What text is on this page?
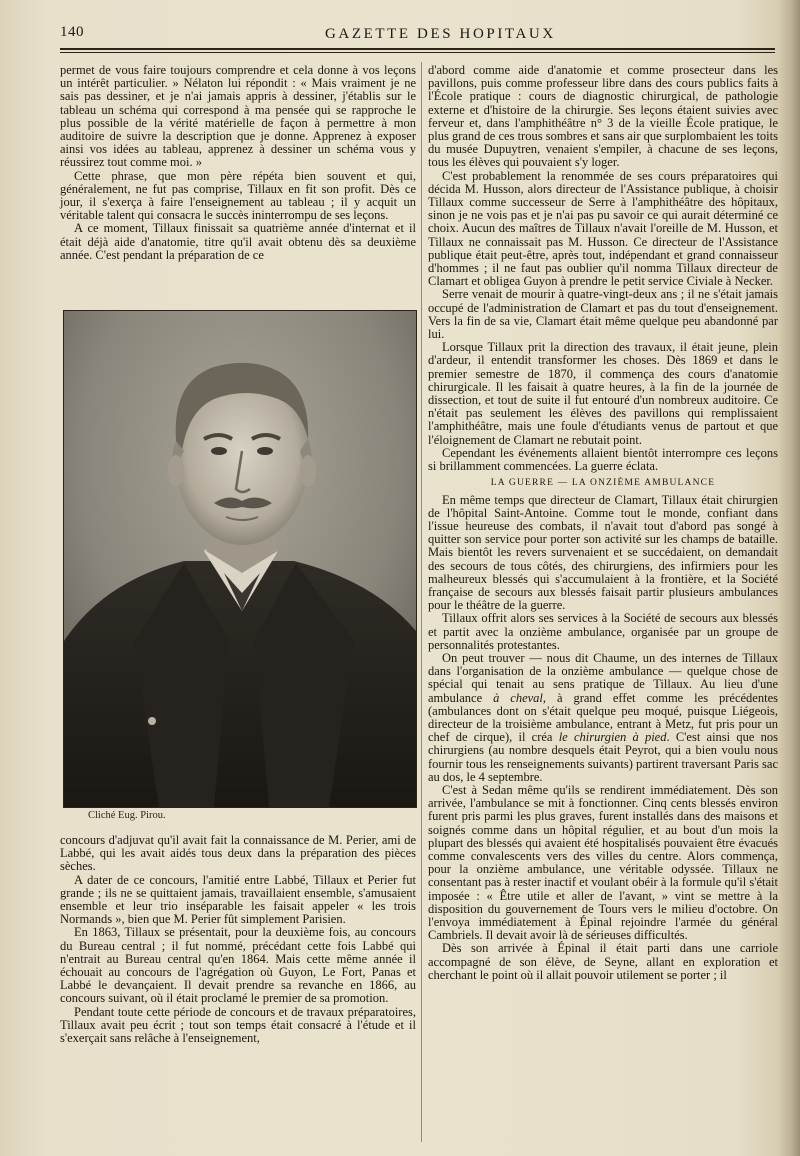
140	GAZETTE DES HOPITAUX

permet de vous faire toujours comprendre et cela donne à vos leçons un intérêt particulier. » Nélaton lui répondit : « Mais vraiment je ne sais pas dessiner, et je n'ai jamais appris à dessiner, j'établis sur le tableau un schéma qui correspond à ma pensée qui se rapproche le plus possible de la vérité matérielle de façon à permettre à mon auditoire de suivre la description que je donne. Apprenez à exposer ainsi vos idées au tableau, apprenez à dessiner un schéma vous y réussirez tout comme moi. »

Cette phrase, que mon père répéta bien souvent et qui, généralement, ne fut pas comprise, Tillaux en fit son profit. Dès ce jour, il s'exerça à faire l'enseignement au tableau ; il y acquit un véritable talent qui consacra le succès ininterrompu de ses leçons.

A ce moment, Tillaux finissait sa quatrième année d'internat et il était déjà aide d'anatomie, titre qu'il avait obtenu dès sa deuxième année. C'est pendant la préparation de ce

Cliché Eug. Pirou.

concours d'adjuvat qu'il avait fait la connaissance de M. Perier, ami de Labbé, qui les avait aidés tous deux dans la préparation des pièces sèches.

A dater de ce concours, l'amitié entre Labbé, Tillaux et Perier fut grande ; ils ne se quittaient jamais, travaillaient ensemble, s'amusaient ensemble et leur trio inséparable les faisait appeler « les trois Normands », bien que M. Perier fût simplement Parisien.

En 1863, Tillaux se présentait, pour la deuxième fois, au concours du Bureau central ; il fut nommé, précédant cette fois Labbé qui n'entrait au Bureau central qu'en 1864. Mais cette même année il échouait au concours de l'agrégation où Guyon, Le Fort, Panas et Labbé le devançaient. Il devait prendre sa revanche en 1866, au concours suivant, où il était proclamé le premier de sa promotion.

Pendant toute cette période de concours et de travaux préparatoires, Tillaux avait peu écrit ; tout son temps était consacré à l'étude et il s'exerçait sans relâche à l'enseignement,

d'abord comme aide d'anatomie et comme prosecteur dans les pavillons, puis comme professeur libre dans des cours publics faits à l'École pratique : cours de diagnostic chirurgical, de pathologie externe et d'histoire de la chirurgie. Ses leçons étaient suivies avec ferveur et, dans l'amphithéâtre n° 3 de la vieille École pratique, le plus grand de ces trous sombres et sans air que surplombaient les toits du musée Dupuytren, venaient s'empiler, à chacune de ses leçons, tous les élèves qui pouvaient s'y loger.

C'est probablement la renommée de ses cours préparatoires qui décida M. Husson, alors directeur de l'Assistance publique, à choisir Tillaux comme successeur de Serre à l'amphithéâtre des hôpitaux, sinon je ne vois pas et je n'ai pas pu savoir ce qui aurait déterminé ce choix. Aucun des maîtres de Tillaux n'avait l'oreille de M. Husson, et Tillaux ne connaissait pas M. Husson. Ce directeur de l'Assistance publique était peut-être, après tout, indépendant et grand connaisseur d'hommes ; il ne faut pas oublier qu'il nomma Tillaux directeur de Clamart et obligea Guyon à prendre le petit service Civiale à Necker.

Serre venait de mourir à quatre-vingt-deux ans ; il ne s'était jamais occupé de l'administration de Clamart et pas du tout d'enseignement. Vers la fin de sa vie, Clamart était même quelque peu abandonné par lui.

Lorsque Tillaux prit la direction des travaux, il était jeune, plein d'ardeur, il entendit transformer les choses. Dès 1869 et dans le premier semestre de 1870, il commença des cours d'anatomie chirurgicale. Il les faisait à quatre heures, à la fin de la journée de dissection, et tout de suite il fut entouré d'un nombreux auditoire. Ce n'était pas seulement les élèves des pavillons qui remplissaient l'amphithéâtre, mais une foule d'étudiants venus de partout et que l'éloignement de Clamart ne rebutait point.

Cependant les événements allaient bientôt interrompre ces leçons si brillamment commencées. La guerre éclata.

LA GUERRE — LA ONZIÈME AMBULANCE

En même temps que directeur de Clamart, Tillaux était chirurgien de l'hôpital Saint-Antoine. Comme tout le monde, confiant dans l'issue heureuse des combats, il n'avait tout d'abord pas songé à quitter son service pour porter son activité sur les champs de bataille. Mais bientôt les revers survenaient et se succédaient, on demandait des secours de tous côtés, des chirurgiens, des infirmiers pour les malheureux blessés qui s'accumulaient à la frontière, et la Société française de secours aux blessés faisait partir plusieurs ambulances pour le théâtre de la guerre.

Tillaux offrit alors ses services à la Société de secours aux blessés et partit avec la onzième ambulance, organisée par un groupe de personnalités protestantes.

On peut trouver — nous dit Chaume, un des internes de Tillaux dans l'organisation de la onzième ambulance — quelque chose de spécial qui tenait au sens pratique de Tillaux. Au lieu d'une ambulance à cheval, à grand effet comme les précédentes (ambulances dont on s'était quelque peu moqué, puisque Liégeois, directeur de la troisième ambulance, entrant à Metz, fut pris pour un chef de cirque), il créa le chirurgien à pied. C'est ainsi que nos chirurgiens (au nombre desquels était Peyrot, qui a bien voulu nous fournir tous les renseignements suivants) partirent traversant Paris sac au dos, le 4 septembre.

C'est à Sedan même qu'ils se rendirent immédiatement. Dès son arrivée, l'ambulance se mit à fonctionner. Cinq cents blessés environ furent pris parmi les plus graves, furent installés dans des maisons et soignés comme dans un hôpital régulier, et au bout d'un mois la plupart des blessés qui avaient été hospitalisés pouvaient être évacués comme convalescents vers des villes du centre. Alors commença, pour la onzième ambulance, une véritable odyssée. Tillaux ne consentant pas à rester inactif et voulant obéir à la formule qu'il s'était imposée : « Être utile et aller de l'avant, » vint se mettre à la disposition du gouvernement de Tours vers le milieu d'octobre. On l'envoya immédiatement à Épinal rejoindre l'armée du général Cambriels. Il devait avoir là de sérieuses difficultés.

Dès son arrivée à Épinal il était parti dans une carriole accompagné de son élève, de Seyne, allant en exploration et cherchant le point où il allait pouvoir utilement se porter ; il
